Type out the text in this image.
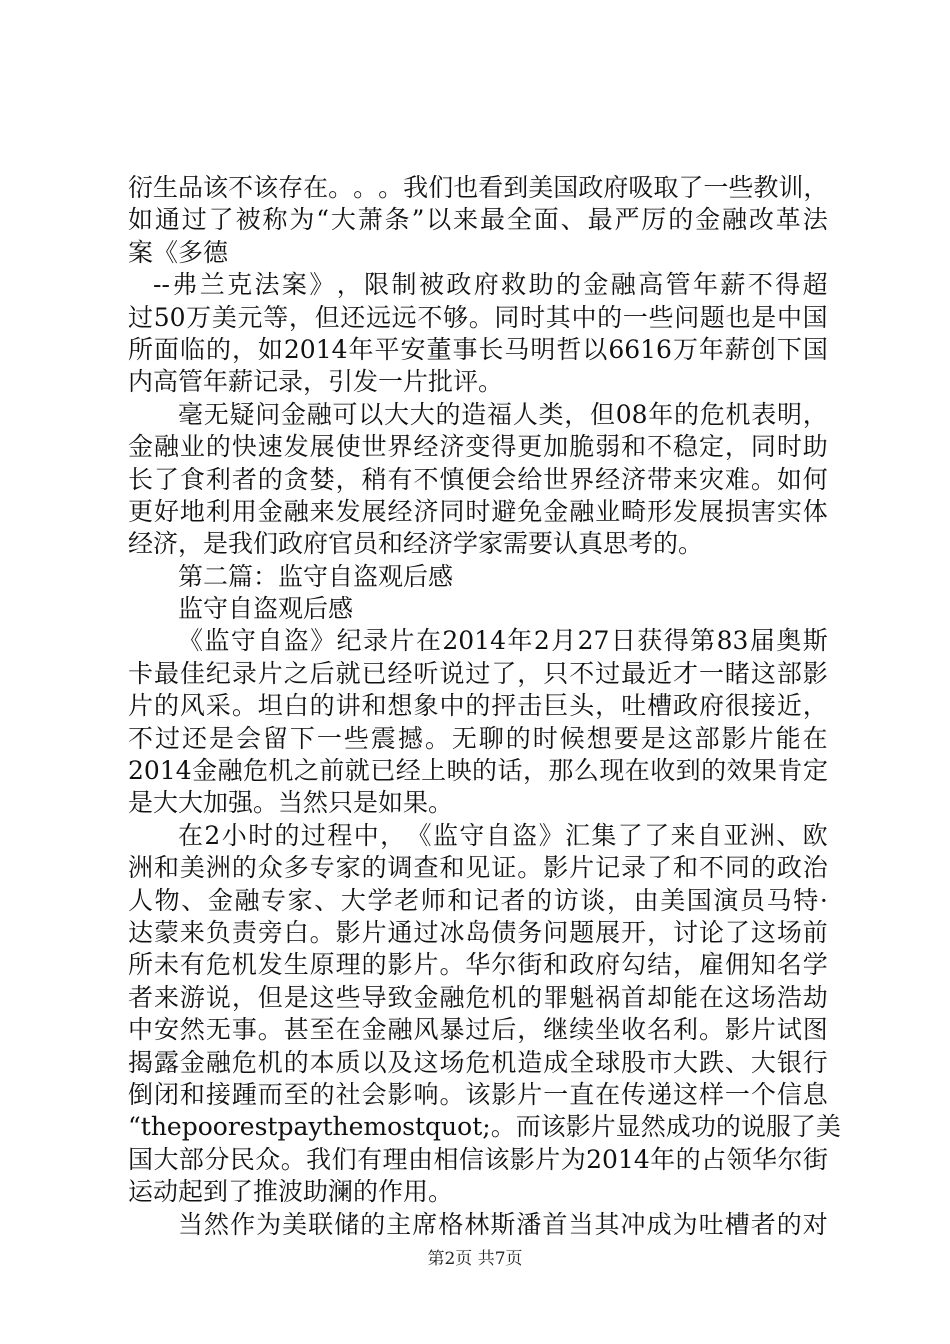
衍 生 品 该 不 该 存 在 。 。 。 我 们 也 看 到 美 国 政 府 吸 取 了 一 些 教 训 ，
如 通 过 了 被 称 为 “ 大 萧 条 ” 以 来 最 全 面 、 最 严 厉 的 金 融 改 革 法
案《多德
-- 弗 兰 克 法 案 》 ， 限 制 被 政 府 救 助 的 金 融 高 管 年 薪 不 得 超
过 50 万 美 元 等 ， 但 还 远 远 不 够 。 同 时 其 中 的 一 些 问 题 也 是 中 国
所 面 临 的 ， 如 2014 年 平 安 董 事 长 马 明 哲 以 6616 万 年 薪 创 下 国
内高管年薪记录，引发一片批评。
毫 无 疑 问 金 融 可 以 大 大 的 造 福 人 类 ， 但 08 年 的 危 机 表 明 ，
金 融 业 的 快 速 发 展 使 世 界 经 济 变 得 更 加 脆 弱 和 不 稳 定 ， 同 时 助
长 了 食 利 者 的 贪 婪 ， 稍 有 不 慎 便 会 给 世 界 经 济 带 来 灾 难 。 如 何
更 好 地 利 用 金 融 来 发 展 经 济 同 时 避 免 金 融 业 畸 形 发 展 损 害 实 体
经济，是我们政府官员和经济学家需要认真思考的。
第二篇：监守自盗观后感
监守自盗观后感
《 监 守 自 盗 》 纪 录 片 在 2014 年 2 月 27 日 获 得 第 83 届 奥 斯
卡 最 佳 纪 录 片 之 后 就 已 经 听 说 过 了 ， 只 不 过 最 近 才 一 睹 这 部 影
片 的 风 采 。 坦 白 的 讲 和 想 象 中 的 抨 击 巨 头 ， 吐 槽 政 府 很 接 近 ，
不 过 还 是 会 留 下 一 些 震 撼 。 无 聊 的 时 候 想 要 是 这 部 影 片 能 在
2014 金 融 危 机 之 前 就 已 经 上 映 的 话 ， 那 么 现 在 收 到 的 效 果 肯 定
是大大加强。当然只是如果。
在 2 小 时 的 过 程 中 ， 《 监 守 自 盗 》 汇 集 了 了 来 自 亚 洲 、 欧
洲 和 美 洲 的 众 多 专 家 的 调 查 和 见 证 。 影 片 记 录 了 和 不 同 的 政 治
人 物 、 金 融 专 家 、 大 学 老 师 和 记 者 的 访 谈 ， 由 美 国 演 员 马 特 ·
达 蒙 来 负 责 旁 白 。 影 片 通 过 冰 岛 债 务 问 题 展 开 ， 讨 论 了 这 场 前
所 未 有 危 机 发 生 原 理 的 影 片 。 华 尔 街 和 政 府 勾 结 ， 雇 佣 知 名 学
者 来 游 说 ， 但 是 这 些 导 致 金 融 危 机 的 罪 魁 祸 首 却 能 在 这 场 浩 劫
中 安 然 无 事 。 甚 至 在 金 融 风 暴 过 后 ， 继 续 坐 收 名 利 。 影 片 试 图
揭 露 金 融 危 机 的 本 质 以 及 这 场 危 机 造 成 全 球 股 市 大 跌 、 大 银 行
倒 闭 和 接 踵 而 至 的 社 会 影 响 。 该 影 片 一 直 在 传 递 这 样 一 个 信 息
“ thepoorestpaythemostquot; 。 而 该 影 片 显 然 成 功 的 说 服 了 美
国 大 部 分 民 众 。 我 们 有 理 由 相 信 该 影 片 为 2014 年 的 占 领 华 尔 街
运动起到了推波助澜的作用。
当 然 作 为 美 联 储 的 主 席 格 林 斯 潘 首 当 其 冲 成 为 吐 槽 者 的 对
第2页 共7页
